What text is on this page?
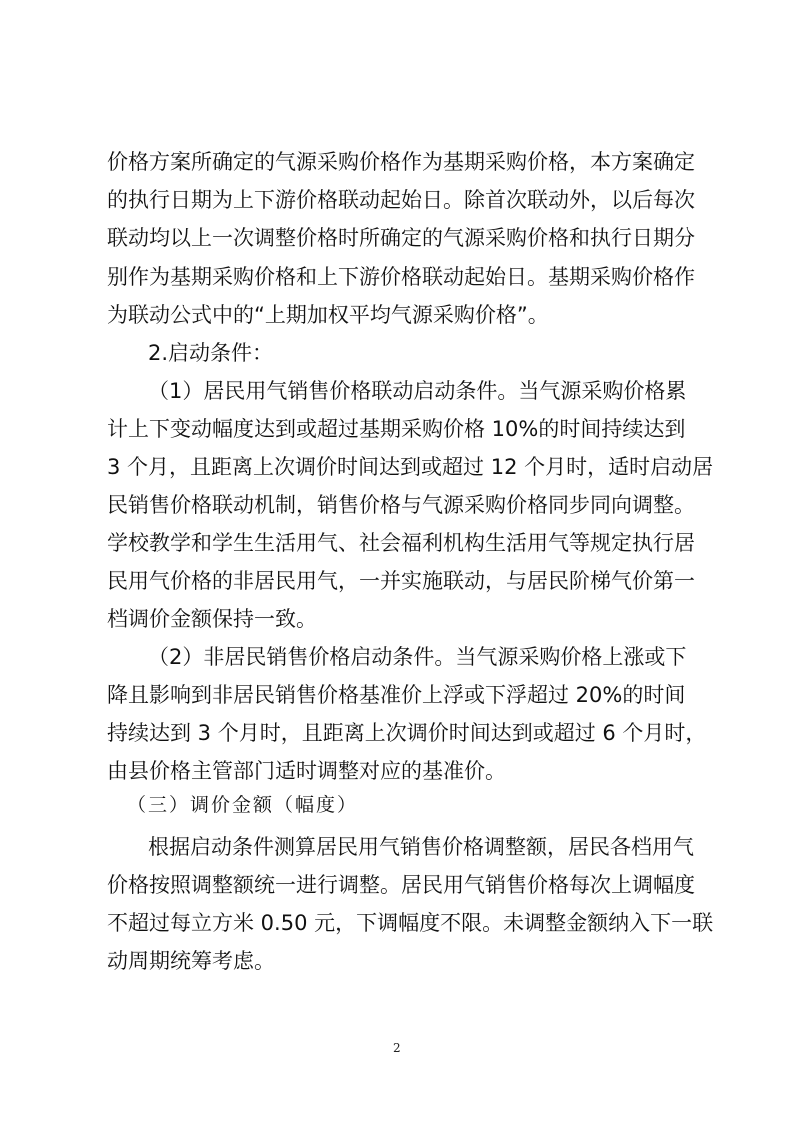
价格方案所确定的气源采购价格作为基期采购价格，本方案确定
的执行日期为上下游价格联动起始日。除首次联动外，以后每次
联动均以上一次调整价格时所确定的气源采购价格和执行日期分
别作为基期采购价格和上下游价格联动起始日。基期采购价格作
为联动公式中的“上期加权平均气源采购价格”。
2.启动条件：
（1）居民用气销售价格联动启动条件。当气源采购价格累
计上下变动幅度达到或超过基期采购价格 10%的时间持续达到
3 个月，且距离上次调价时间达到或超过 12 个月时，适时启动居
民销售价格联动机制，销售价格与气源采购价格同步同向调整。
学校教学和学生生活用气、社会福利机构生活用气等规定执行居
民用气价格的非居民用气，一并实施联动，与居民阶梯气价第一
档调价金额保持一致。
（2）非居民销售价格启动条件。当气源采购价格上涨或下
降且影响到非居民销售价格基准价上浮或下浮超过 20%的时间
持续达到 3 个月时，且距离上次调价时间达到或超过 6 个月时，
由县价格主管部门适时调整对应的基准价。
（三）调价金额（幅度）
根据启动条件测算居民用气销售价格调整额，居民各档用气
价格按照调整额统一进行调整。居民用气销售价格每次上调幅度
不超过每立方米 0.50 元，下调幅度不限。未调整金额纳入下一联
动周期统筹考虑。
2
